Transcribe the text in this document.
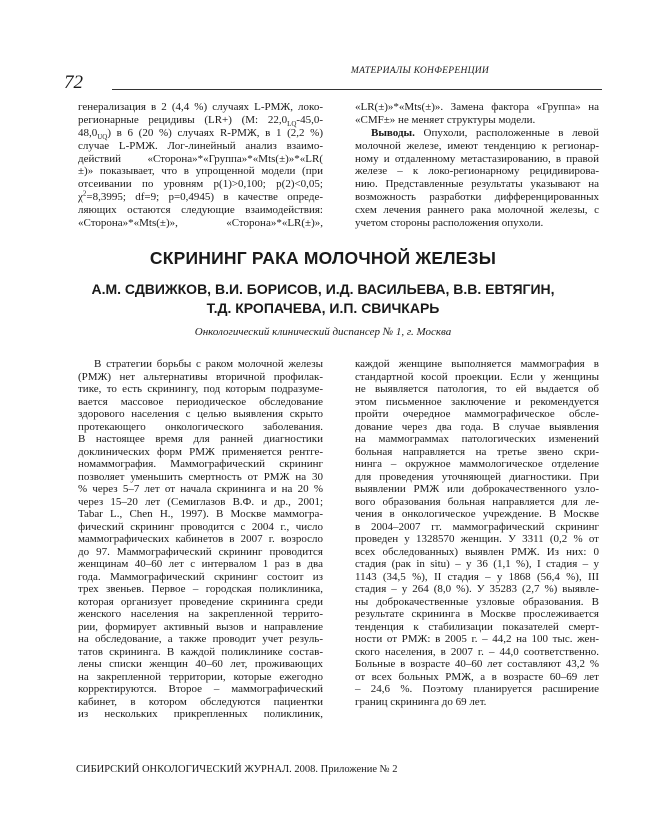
72
МАТЕРИАЛЫ КОНФЕРЕНЦИИ
генерализация в 2 (4,4 %) случаях L-РМЖ, локо-
регионарные рецидивы (LR+) (M: $22,0_{LQ}-45,0-$
$48,0_{UQ}$) в 6 (20 %) случаях R-РМЖ, в 1 (2,2 %)
случае L-РМЖ. Лог-линейный анализ взаимо-
действий «Сторона»*«Группа»*«Mts(±)»*«LR(
±)» показывает, что в упрощенной модели (при
отсеивании по уровням p(1)>0,100; p(2)<0,05;
$\chi^2=8,3995$; df=9; p=0,4945) в качестве опреде-
ляющих остаются следующие взаимодействия:
«Сторона»*«Mts(±)», «Сторона»*«LR(±)»,
«LR(±)»*«Mts(±)». Замена фактора «Группа» на
«CMF±» не меняет структуры модели.
Выводы. Опухоли, расположенные в левой
молочной железе, имеют тенденцию к регионар-
ному и отдаленному метастазированию, в правой
железе – к локо-регионарному рецидивирова-
нию. Представленные результаты указывают на
возможность разработки дифференцированных
схем лечения раннего рака молочной железы, с
учетом стороны расположения опухоли.
СКРИНИНГ РАКА МОЛОЧНОЙ ЖЕЛЕЗЫ
А.М. СДВИЖКОВ, В.И. БОРИСОВ, И.Д. ВАСИЛЬЕВА, В.В. ЕВТЯГИН,
Т.Д. КРОПАЧЕВА, И.П. СВИЧКАРЬ
Онкологический клинический диспансер № 1, г. Москва
В стратегии борьбы с раком молочной железы
(РМЖ) нет альтернативы вторичной профилак-
тике, то есть скринингу, под которым подразуме-
вается массовое периодическое обследование
здорового населения с целью выявления скрыто
протекающего онкологического заболевания.
В настоящее время для ранней диагностики
доклинических форм РМЖ применяется рентге-
номаммография. Маммографический скрининг
позволяет уменьшить смертность от РМЖ на 30
% через 5–7 лет от начала скрининга и на 20 %
через 15–20 лет (Семиглазов В.Ф. и др., 2001;
Tabar L., Chen H., 1997). В Москве маммогра-
фический скрининг проводится с 2004 г., число
маммографических кабинетов в 2007 г. возросло
до 97. Маммографический скрининг проводится
женщинам 40–60 лет с интервалом 1 раз в два
года. Маммографический скрининг состоит из
трех звеньев. Первое – городская поликлиника,
которая организует проведение скрининга среди
женского населения на закрепленной террито-
рии, формирует активный вызов и направление
на обследование, а также проводит учет резуль-
татов скрининга. В каждой поликлинике состав-
лены списки женщин 40–60 лет, проживающих
на закрепленной территории, которые ежегодно
корректируются. Второе – маммографический
кабинет, в котором обследуются пациентки
из нескольких прикрепленных поликлиник,
каждой женщине выполняется маммография в
стандартной косой проекции. Если у женщины
не выявляется патология, то ей выдается об
этом письменное заключение и рекомендуется
пройти очередное маммографическое обсле-
дование через два года. В случае выявления
на маммограммах патологических изменений
больная направляется на третье звено скри-
нинга – окружное маммологическое отделение
для проведения уточняющей диагностики. При
выявлении РМЖ или доброкачественного узло-
вого образования больная направляется для ле-
чения в онкологическое учреждение. В Москве
в 2004–2007 гг. маммографический скрининг
проведен у 1328570 женщин. У 3311 (0,2 % от
всех обследованных) выявлен РМЖ. Из них: 0
стадия (рак in situ) – у 36 (1,1 %), I стадия – у
1143 (34,5 %), II стадия – у 1868 (56,4 %), III
стадия – у 264 (8,0 %). У 35283 (2,7 %) выявле-
ны доброкачественные узловые образования. В
результате скрининга в Москве прослеживается
тенденция к стабилизации показателей смерт-
ности от РМЖ: в 2005 г. – 44,2 на 100 тыс. жен-
ского населения, в 2007 г. – 44,0 соответственно.
Больные в возрасте 40–60 лет составляют 43,2 %
от всех больных РМЖ, а в возрасте 60–69 лет
– 24,6 %. Поэтому планируется расширение
границ скрининга до 69 лет.
СИБИРСКИЙ ОНКОЛОГИЧЕСКИЙ ЖУРНАЛ. 2008. Приложение № 2
